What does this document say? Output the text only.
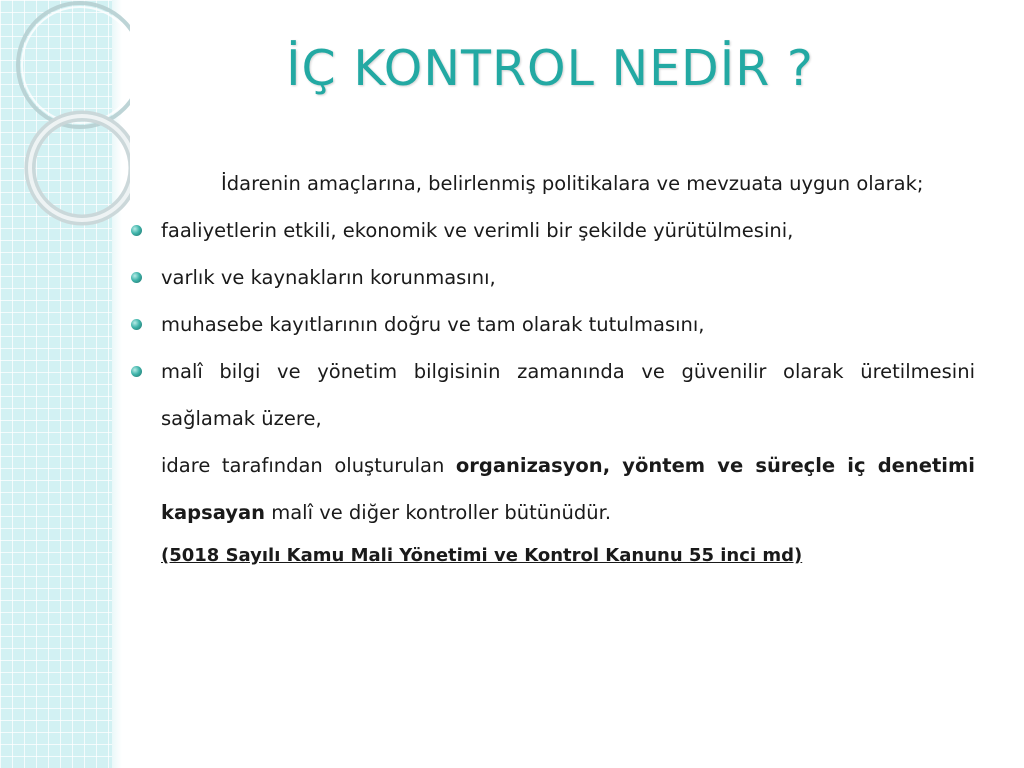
İÇ KONTROL NEDİR ?

İdarenin amaçlarına, belirlenmiş politikalara ve mevzuata uygun olarak;

faaliyetlerin etkili, ekonomik ve verimli bir şekilde yürütülmesini,

varlık ve kaynakların korunmasını,

muhasebe kayıtlarının doğru ve tam olarak tutulmasını,

malî bilgi ve yönetim bilgisinin zamanında ve güvenilir olarak üretilmesini sağlamak üzere,

idare tarafından oluşturulan organizasyon, yöntem ve süreçle iç denetimi kapsayan malî ve diğer kontroller bütünüdür.

(5018 Sayılı Kamu Mali Yönetimi ve Kontrol Kanunu 55 inci md)
